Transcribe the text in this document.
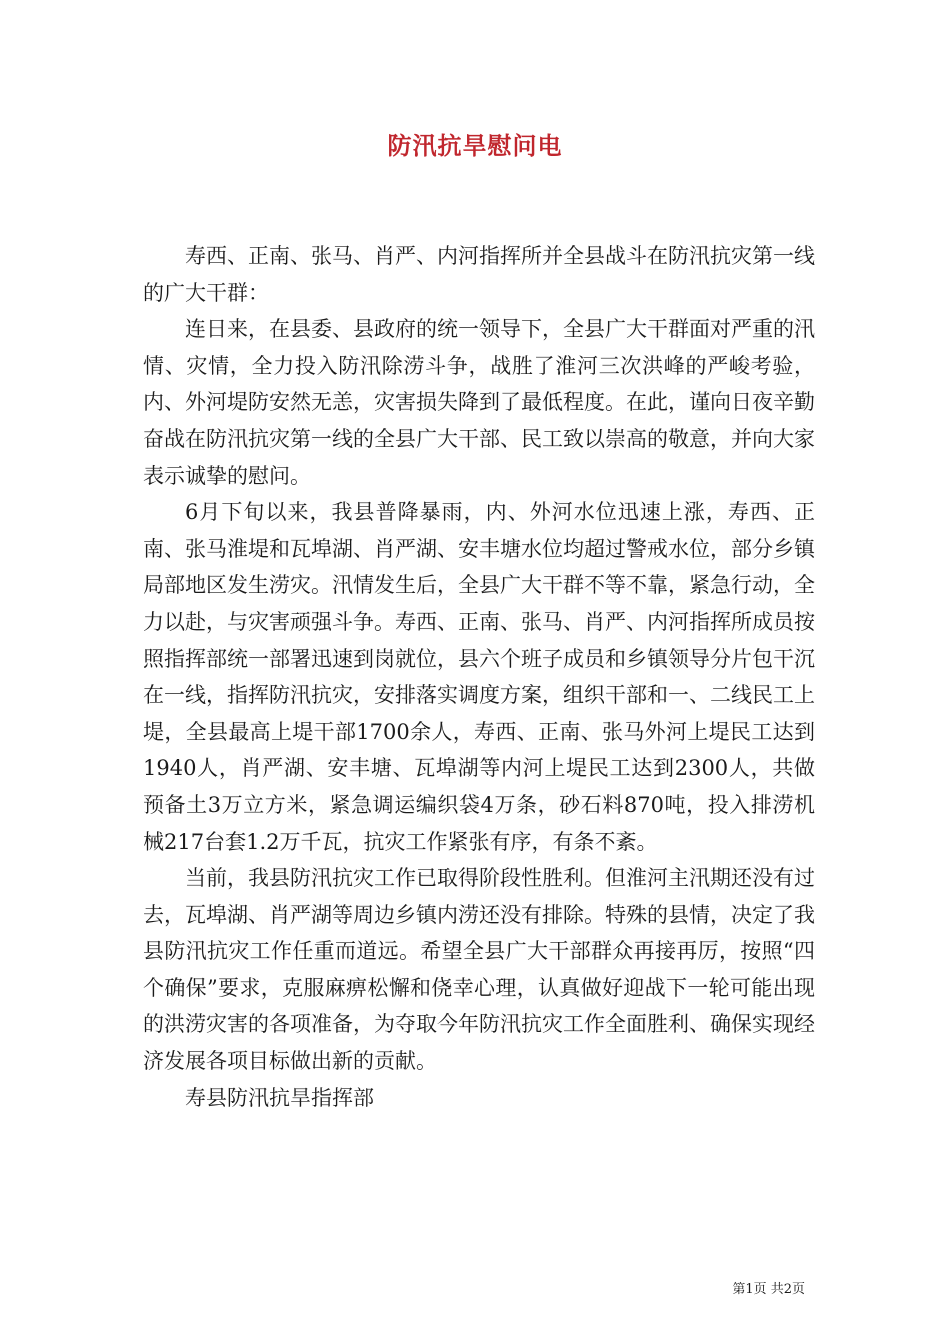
防汛抗旱慰问电

寿西、正南、张马、肖严、内河指挥所并全县战斗在防汛抗灾第一线的广大干群：

连日来，在县委、县政府的统一领导下，全县广大干群面对严重的汛情、灾情，全力投入防汛除涝斗争，战胜了淮河三次洪峰的严峻考验，内、外河堤防安然无恙，灾害损失降到了最低程度。在此，谨向日夜辛勤奋战在防汛抗灾第一线的全县广大干部、民工致以崇高的敬意，并向大家表示诚挚的慰问。

6月下旬以来，我县普降暴雨，内、外河水位迅速上涨，寿西、正南、张马淮堤和瓦埠湖、肖严湖、安丰塘水位均超过警戒水位，部分乡镇局部地区发生涝灾。汛情发生后，全县广大干群不等不靠，紧急行动，全力以赴，与灾害顽强斗争。寿西、正南、张马、肖严、内河指挥所成员按照指挥部统一部署迅速到岗就位，县六个班子成员和乡镇领导分片包干沉在一线，指挥防汛抗灾，安排落实调度方案，组织干部和一、二线民工上堤，全县最高上堤干部1700余人，寿西、正南、张马外河上堤民工达到1940人，肖严湖、安丰塘、瓦埠湖等内河上堤民工达到2300人，共做预备土3万立方米，紧急调运编织袋4万条，砂石料870吨，投入排涝机械217台套1.2万千瓦，抗灾工作紧张有序，有条不紊。

当前，我县防汛抗灾工作已取得阶段性胜利。但淮河主汛期还没有过去，瓦埠湖、肖严湖等周边乡镇内涝还没有排除。特殊的县情，决定了我县防汛抗灾工作任重而道远。希望全县广大干部群众再接再厉，按照“四个确保”要求，克服麻痹松懈和侥幸心理，认真做好迎战下一轮可能出现的洪涝灾害的各项准备，为夺取今年防汛抗灾工作全面胜利、确保实现经济发展各项目标做出新的贡献。

寿县防汛抗旱指挥部

第1页 共2页
